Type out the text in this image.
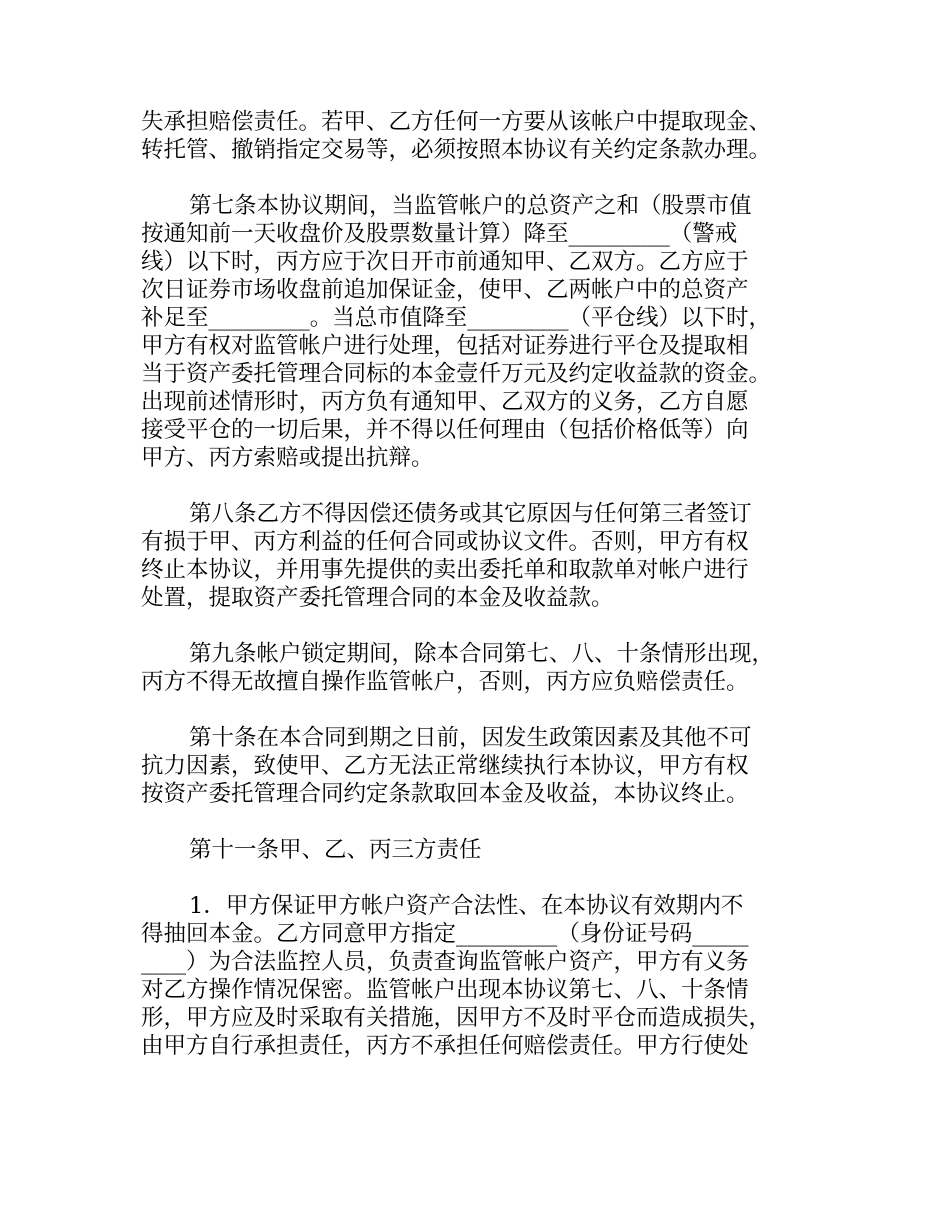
失承担赔偿责任。若甲、乙方任何一方要从该帐户中提取现金、
转托管、撤销指定交易等，必须按照本协议有关约定条款办理。
第七条本协议期间，当监管帐户的总资产之和（股票市值
按通知前一天收盘价及股票数量计算）降至_________（警戒
线）以下时，丙方应于次日开市前通知甲、乙双方。乙方应于
次日证券市场收盘前追加保证金，使甲、乙两帐户中的总资产
补足至_________。当总市值降至_________（平仓线）以下时，
甲方有权对监管帐户进行处理，包括对证券进行平仓及提取相
当于资产委托管理合同标的本金壹仟万元及约定收益款的资金。
出现前述情形时，丙方负有通知甲、乙双方的义务，乙方自愿
接受平仓的一切后果，并不得以任何理由（包括价格低等）向
甲方、丙方索赔或提出抗辩。
第八条乙方不得因偿还债务或其它原因与任何第三者签订
有损于甲、丙方利益的任何合同或协议文件。否则，甲方有权
终止本协议，并用事先提供的卖出委托单和取款单对帐户进行
处置，提取资产委托管理合同的本金及收益款。
第九条帐户锁定期间，除本合同第七、八、十条情形出现，
丙方不得无故擅自操作监管帐户，否则，丙方应负赔偿责任。
第十条在本合同到期之日前，因发生政策因素及其他不可
抗力因素，致使甲、乙方无法正常继续执行本协议，甲方有权
按资产委托管理合同约定条款取回本金及收益，本协议终止。
第十一条甲、乙、丙三方责任
1．甲方保证甲方帐户资产合法性、在本协议有效期内不
得抽回本金。乙方同意甲方指定_________（身份证号码_____
____）为合法监控人员，负责查询监管帐户资产，甲方有义务
对乙方操作情况保密。监管帐户出现本协议第七、八、十条情
形，甲方应及时采取有关措施，因甲方不及时平仓而造成损失，
由甲方自行承担责任，丙方不承担任何赔偿责任。甲方行使处
